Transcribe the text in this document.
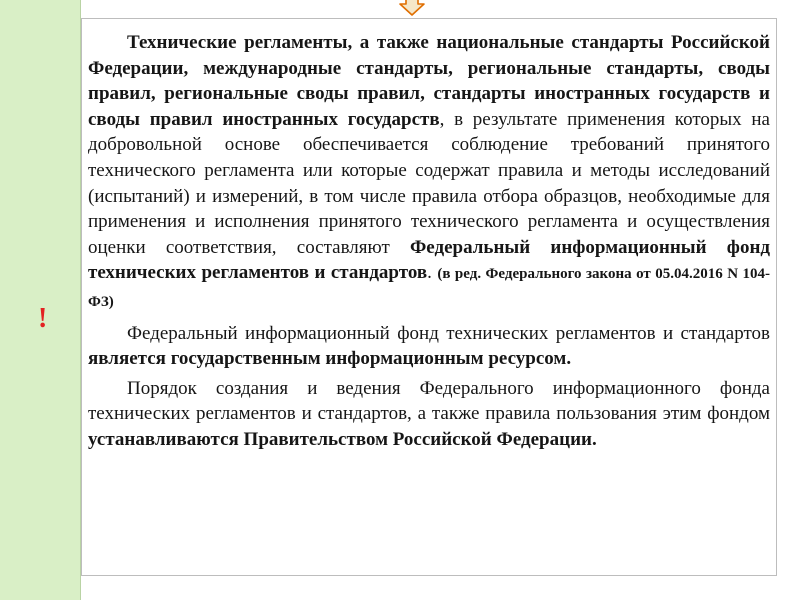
!

Технические регламенты, а также национальные стандарты Российской Федерации, международные стандарты, региональные стандарты, своды правил, региональные своды правил, стандарты иностранных государств и своды правил иностранных государств, в результате применения которых на добровольной основе обеспечивается соблюдение требований принятого технического регламента или которые содержат правила и методы исследований (испытаний) и измерений, в том числе правила отбора образцов, необходимые для применения и исполнения принятого технического регламента и осуществления оценки соответствия, составляют Федеральный информационный фонд технических регламентов и стандартов. (в ред. Федерального закона от 05.04.2016 N 104-ФЗ)

Федеральный информационный фонд технических регламентов и стандартов является государственным информационным ресурсом.

Порядок создания и ведения Федерального информационного фонда технических регламентов и стандартов, а также правила пользования этим фондом устанавливаются Правительством Российской Федерации.
